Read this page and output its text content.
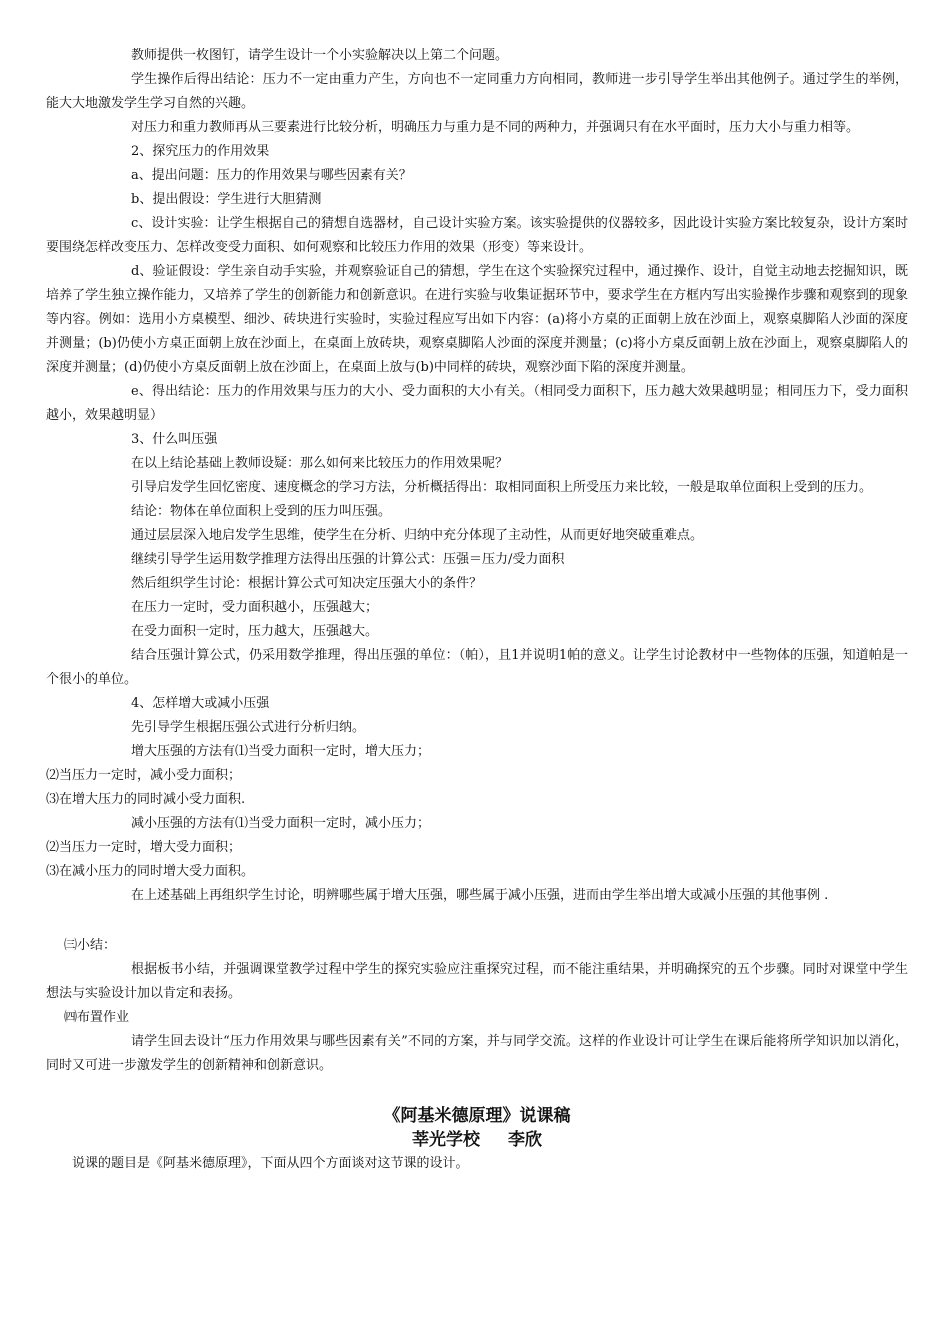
教师提供一枚图钉，请学生设计一个小实验解决以上第二个问题。

学生操作后得出结论：压力不一定由重力产生，方向也不一定同重力方向相同，教师进一步引导学生举出其他例子。通过学生的举例，能大大地激发学生学习自然的兴趣。

对压力和重力教师再从三要素进行比较分析，明确压力与重力是不同的两种力，并强调只有在水平面时，压力大小与重力相等。

2、探究压力的作用效果

a、提出问题：压力的作用效果与哪些因素有关？

b、提出假设：学生进行大胆猜测

c、设计实验：让学生根据自己的猜想自选器材，自己设计实验方案。该实验提供的仪器较多，因此设计实验方案比较复杂，设计方案时要围绕怎样改变压力、怎样改变受力面积、如何观察和比较压力作用的效果（形变）等来设计。

d、验证假设：学生亲自动手实验，并观察验证自己的猜想，学生在这个实验探究过程中，通过操作、设计，自觉主动地去挖掘知识，既培养了学生独立操作能力，又培养了学生的创新能力和创新意识。在进行实验与收集证据环节中，要求学生在方框内写出实验操作步骤和观察到的现象等内容。例如：选用小方桌模型、细沙、砖块进行实验时，实验过程应写出如下内容：(a)将小方桌的正面朝上放在沙面上，观察桌脚陷人沙面的深度并测量；(b)仍使小方桌正面朝上放在沙面上，在桌面上放砖块，观察桌脚陷人沙面的深度并测量；(c)将小方桌反面朝上放在沙面上，观察桌脚陷人的深度并测量；(d)仍使小方桌反面朝上放在沙面上，在桌面上放与(b)中同样的砖块，观察沙面下陷的深度并测量。

e、得出结论：压力的作用效果与压力的大小、受力面积的大小有关。（相同受力面积下，压力越大效果越明显；相同压力下，受力面积越小，效果越明显）

3、什么叫压强

在以上结论基础上教师设疑：那么如何来比较压力的作用效果呢？

引导启发学生回忆密度、速度概念的学习方法，分析概括得出：取相同面积上所受压力来比较，一般是取单位面积上受到的压力。

结论：物体在单位面积上受到的压力叫压强。

通过层层深入地启发学生思维，使学生在分析、归纳中充分体现了主动性，从而更好地突破重难点。

继续引导学生运用数学推理方法得出压强的计算公式：压强＝压力/受力面积

然后组织学生讨论：根据计算公式可知决定压强大小的条件？

在压力一定时，受力面积越小，压强越大；

在受力面积一定时，压力越大，压强越大。

结合压强计算公式，仍采用数学推理，得出压强的单位：（帕），且1并说明1帕的意义。让学生讨论教材中一些物体的压强，知道帕是一个很小的单位。

4、怎样增大或减小压强

先引导学生根据压强公式进行分析归纳。

增大压强的方法有⑴当受力面积一定时，增大压力；

⑵当压力一定时，减小受力面积；

⑶在增大压力的同时减小受力面积.

减小压强的方法有⑴当受力面积一定时，减小压力；

⑵当压力一定时，增大受力面积；

⑶在减小压力的同时增大受力面积。

在上述基础上再组织学生讨论，明辨哪些属于增大压强，哪些属于减小压强，进而由学生举出增大或减小压强的其他事例 .

㈢小结：

根据板书小结，并强调课堂教学过程中学生的探究实验应注重探究过程，而不能注重结果，并明确探究的五个步骤。同时对课堂中学生想法与实验设计加以肯定和表扬。

㈣布置作业

请学生回去设计“压力作用效果与哪些因素有关”不同的方案，并与同学交流。这样的作业设计可让学生在课后能将所学知识加以消化，同时又可进一步激发学生的创新精神和创新意识。

《阿基米德原理》说课稿

莘光学校 李欣

说课的题目是《阿基米德原理》，下面从四个方面谈对这节课的设计。
